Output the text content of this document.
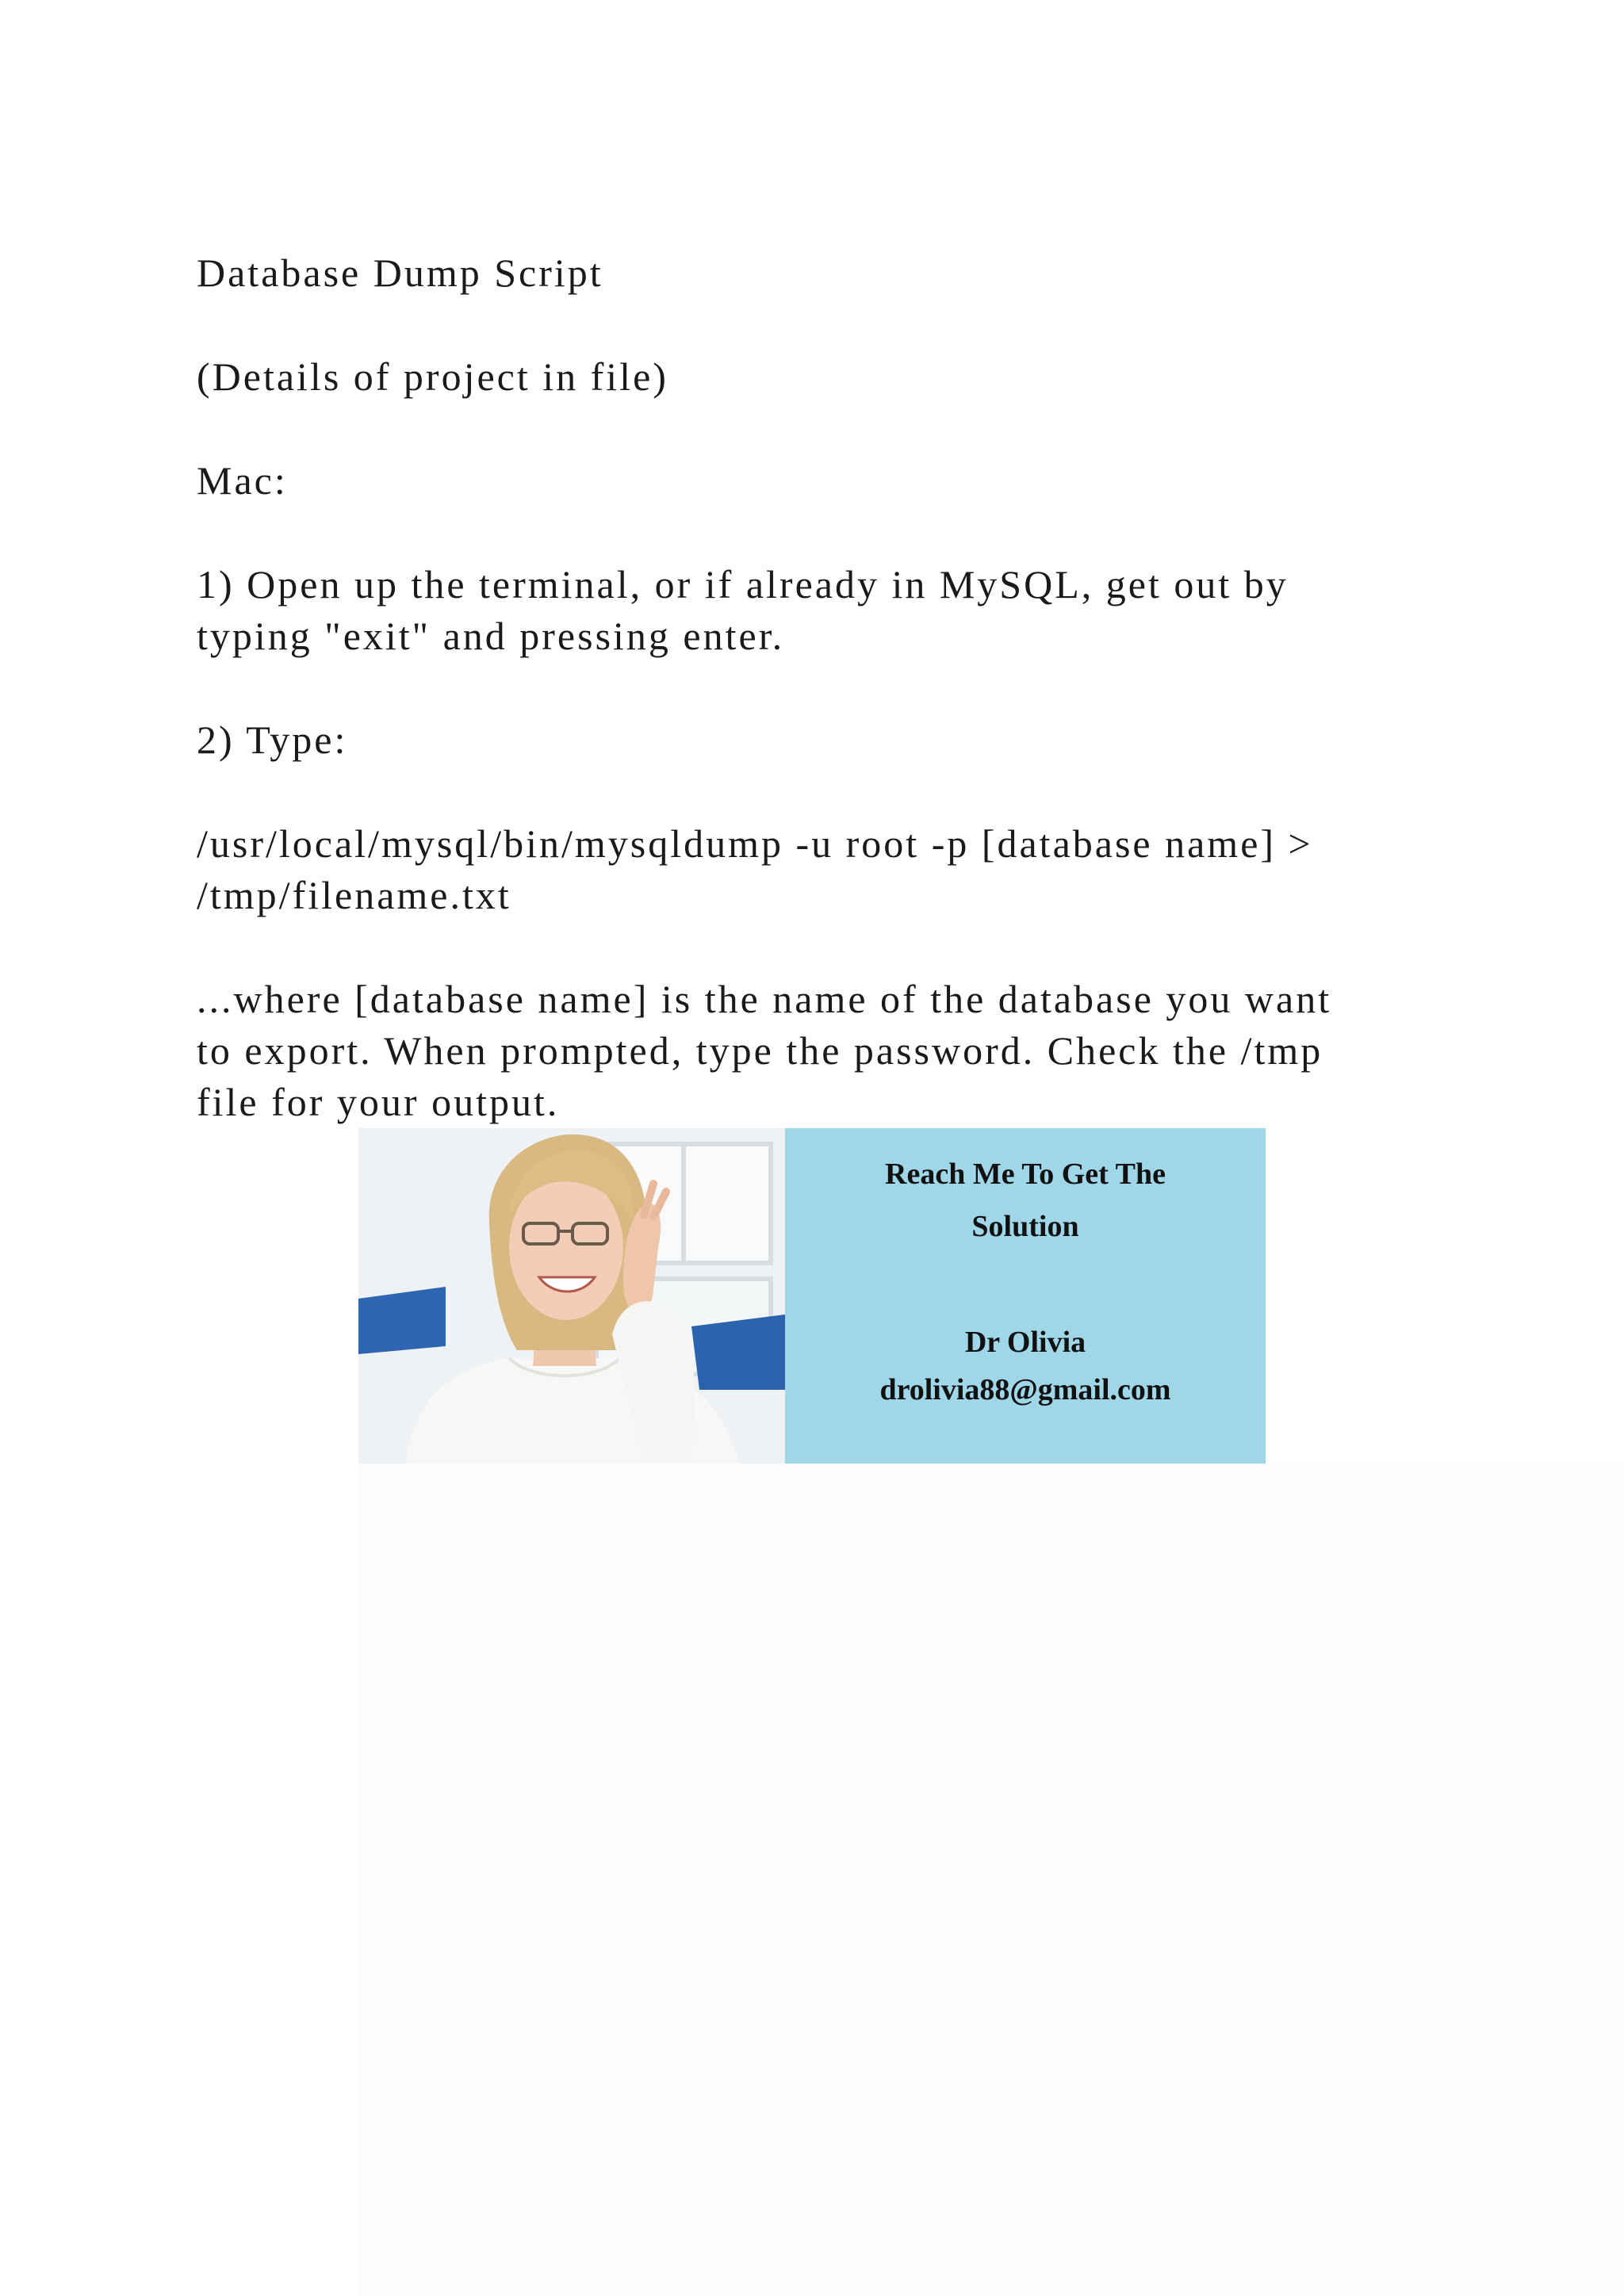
Database Dump Script

(Details of project in file)

Mac:

1) Open up the terminal, or if already in MySQL, get out by

typing "exit" and pressing enter.

2) Type:

/usr/local/mysql/bin/mysqldump -u root -p [database name] >

/tmp/filename.txt

...where [database name] is the name of the database you want

to export. When prompted, type the password. Check the /tmp

file for your output.

Reach Me To Get The

Solution

Dr Olivia

drolivia88@gmail.com
